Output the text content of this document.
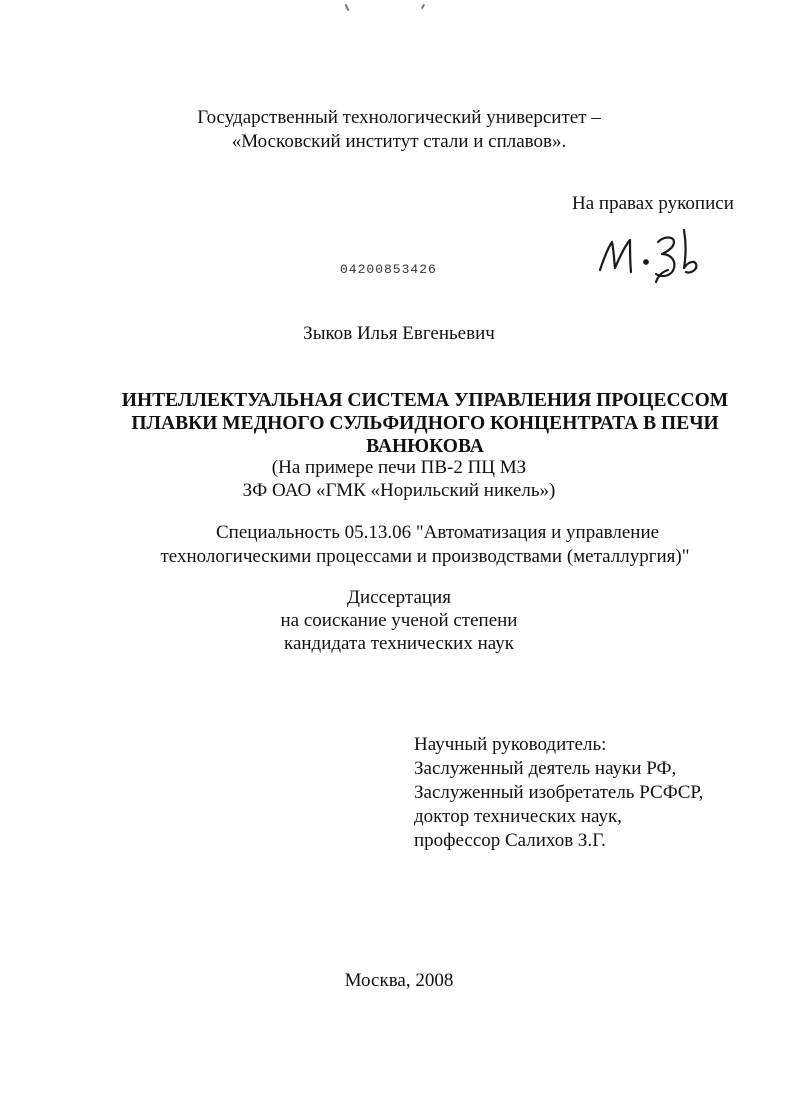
Государственный технологический университет –
«Московский институт стали и сплавов».
На правах рукописи
04200853426
Зыков Илья Евгеньевич
ИНТЕЛЛЕКТУАЛЬНАЯ СИСТЕМА УПРАВЛЕНИЯ ПРОЦЕССОМ
ПЛАВКИ МЕДНОГО СУЛЬФИДНОГО КОНЦЕНТРАТА В ПЕЧИ
ВАНЮКОВА
(На примере печи ПВ-2 ПЦ МЗ
ЗФ ОАО «ГМК «Норильский никель»)
Специальность 05.13.06 "Автоматизация и управление
технологическими процессами и производствами (металлургия)"
Диссертация
на соискание ученой степени
кандидата технических наук
Научный руководитель:
Заслуженный деятель науки РФ,
Заслуженный изобретатель РСФСР,
доктор технических наук,
профессор Салихов З.Г.
Москва, 2008
